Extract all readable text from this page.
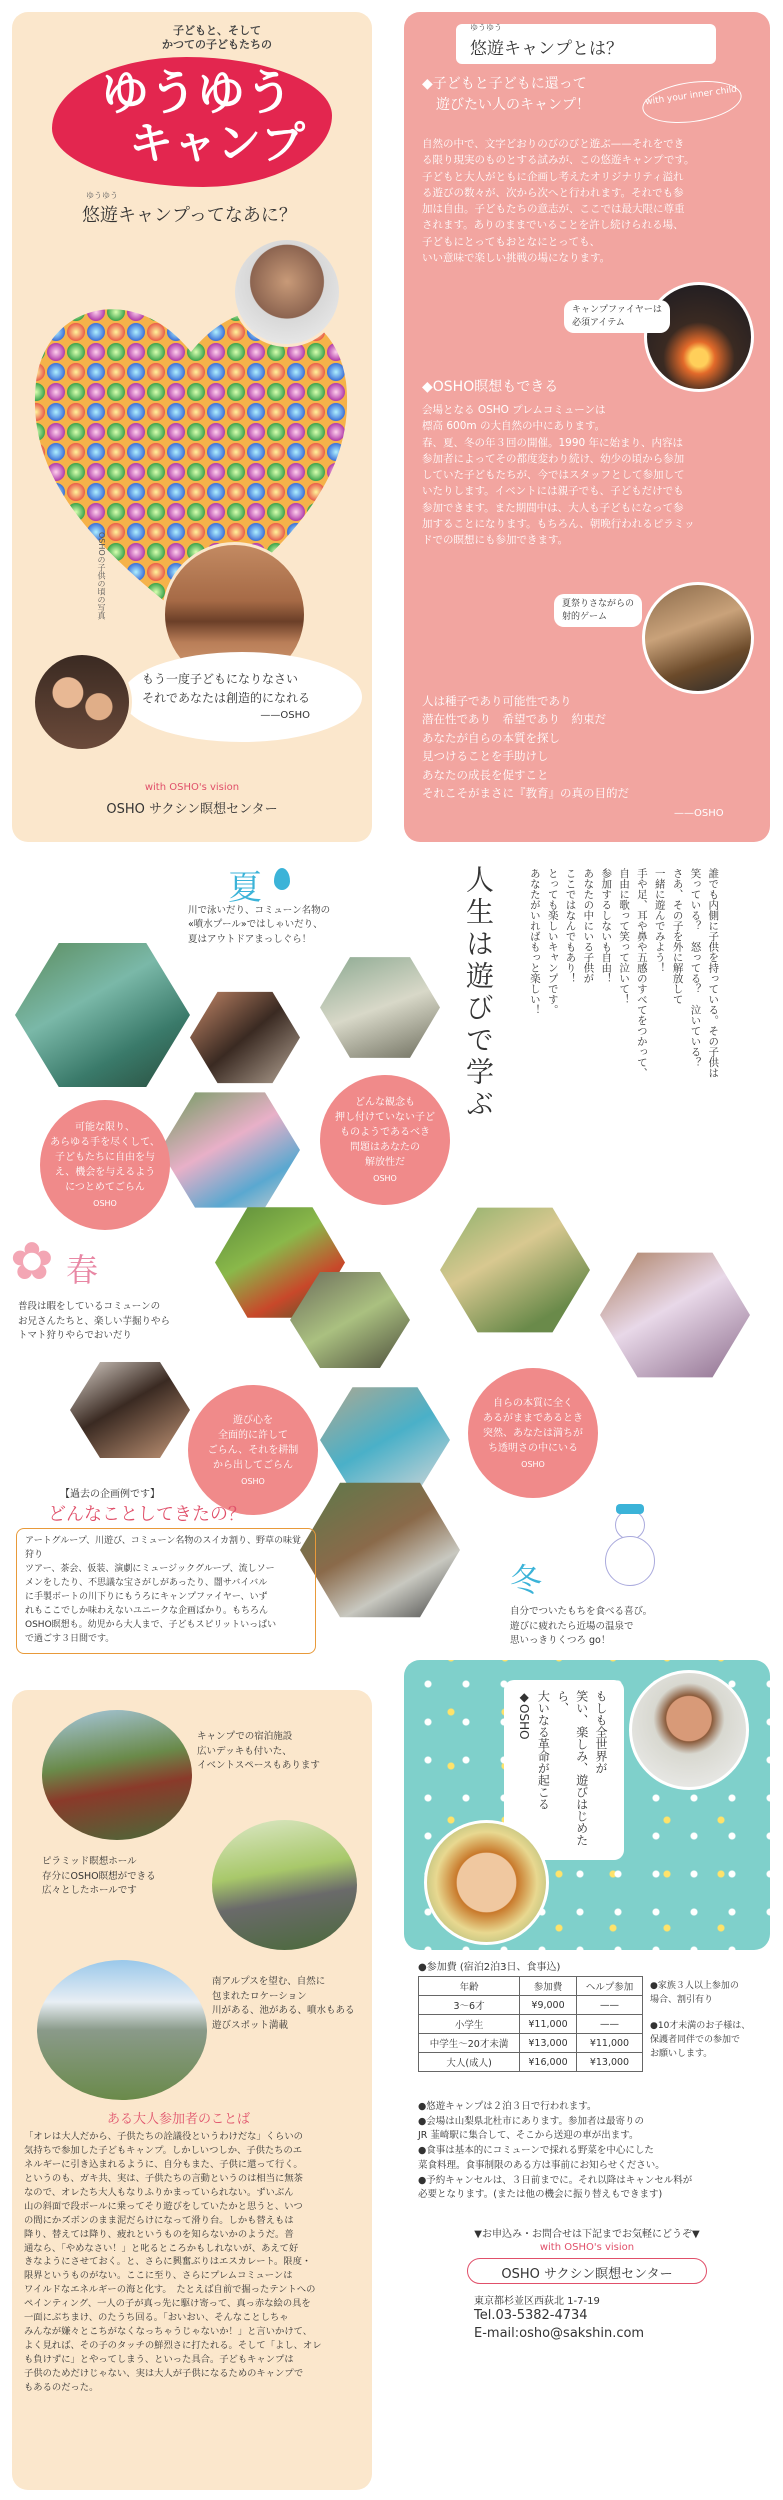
子どもと、そして
かつての子どもたちの
ゆうゆう
キャンプ
ゆうゆう
悠遊キャンプってなあに？
OSHOの子供の頃の写真
もう一度子どもになりなさい
それであなたは創造的になれる
——OSHO
with OSHO's vision
OSHO サクシン瞑想センター
ゆうゆう
悠遊キャンプとは？
◆子どもと子どもに還って
遊びたい人のキャンプ！	with your inner child
自然の中で、文字どおりのびのびと遊ぶ——それをでき
る限り現実のものとする試みが、この悠遊キャンプです。
子どもと大人がともに企画し考えたオリジナリティ溢れ
る遊びの数々が、次から次へと行われます。それでも参
加は自由。子どもたちの意志が、ここでは最大限に尊重
されます。ありのままでいることを許し続けられる場、
子どもにとってもおとなにとっても、
いい意味で楽しい挑戦の場になります。
キャンプファイヤーは
必須アイテム
◆OSHO瞑想もできる
会場となる OSHO プレムコミューンは
標高 600m の大自然の中にあります。
春、夏、冬の年３回の開催。1990 年に始まり、内容は
参加者によってその都度変わり続け、幼少の頃から参加
していた子どもたちが、今ではスタッフとして参加して
いたりします。イベントには親子でも、子どもだけでも
参加できます。また期間中は、大人も子どもになって参
加することになります。もちろん、朝晩行われるピラミッ
ドでの瞑想にも参加できます。
夏祭りさながらの
射的ゲーム
人は種子であり可能性であり
潜在性であり　希望であり　約束だ
あなたが自らの本質を探し
見つけることを手助けし
あなたの成長を促すこと
それこそがまさに『教育』の真の目的だ
——OSHO
夏
川で泳いだり、コミューン名物の
«噴水プール»ではしゃいだり、
夏はアウトドアまっしぐら！
可能な限り、
あらゆる手を尽くして、
子どもたちに自由を与
え、機会を与えるよう
につとめてごらん
OSHO
どんな観念も
押し付けていない子ど
ものようであるべき
問題はあなたの
解放性だ
OSHO
✿ 春
普段は暇をしているコミューンの
お兄さんたちと、楽しい芋掘りやら
トマト狩りやらでおいだり
遊び心を
全面的に許して
ごらん、それを耕制
から出してごらん
OSHO
自らの本質に全く
あるがままであるとき
突然、あなたは満ちが
ち透明さの中にいる
OSHO
人生は遊びで学ぶ	誰でも内側に子供を持っている。その子供は
笑っている？　怒ってる？　泣いている？
さあ、その子を外に解放して
一緒に遊んでみよう！
手や足、耳や鼻や五感のすべてをつかって、
自由に歌って笑って泣いて！
参加するしないも自由！
あなたの中にいる子供が
ここではなんでもあり！
とっても楽しいキャンプです。
あなたがいればもっと楽しい！
【過去の企画例です】
どんなことしてきたの？
アートグループ、川遊び、コミューン名物のスイカ割り、野草の味覚狩り
ツアー、茶会、仮装、演劇にミュージックグループ、流しソー
メンをしたり、不思議な宝さがしがあったり、闇サバイバル
に手製ボートの川下りにもうろにキャンプファイヤー、いず
れもここでしか味わえないユニークな企画ばかり。もちろん
OSHO瞑想も。幼児から大人まで、子どもスピリットいっぱい
で過ごす３日間です。
冬
自分でついたもちを食べる喜び。
遊びに疲れたら近場の温泉で
思いっきりくつろ go！
キャンプでの宿泊施設
広いデッキも付いた、
イベントスペースもあります
ピラミッド瞑想ホール
存分にOSHO瞑想ができる
広々としたホールです
南アルプスを望む、自然に
包まれたロケーション
川がある、池がある、噴水もある
遊びスポット満載
ある大人参加者のことば
「オレは大人だから、子供たちの詮議役というわけだな」くらいの
気持ちで参加した子どもキャンプ。しかしいつしか、子供たちのエ
ネルギーに引き込まれるように、自分もまた、子供に還って行く。
というのも、ガキ共、実は、子供たちの言動というのは相当に無茶
なので、オレたち大人もなりふりかまっていられない。ずいぶん
山の斜面で段ボールに乗ってそり遊びをしていたかと思うと、いつ
の間にかズボンのまま泥だらけになって滑り台。しかも替えもは
降り、替えては降り、疲れというものを知らないかのようだ。普
通なら、「やめなさい！」と叱るところかもしれないが、あえて好
きなようにさせておく。と、さらに興奮ぶりはエスカレート。限度・
限界というものがない。ここに至り、さらにプレムコミューンは
ワイルドなエネルギーの海と化す。　たとえば自前で掘ったテントへの
ペインティング、一人の子が真っ先に駆け寄って、真っ赤な絵の具を
一面にぶちまけ、のたうち回る。「おいおい、そんなことしちゃ
みんなが嫌々とこちがなくなっちゃうじゃないか！」と言いかけて、
よく見れば、その子のタッチの鮮烈さに打たれる。そして「よし、オレ
も負けずに」とやってしまう、といった具合。子どもキャンプは
子供のためだけじゃない、実は大人が子供になるためのキャンプで
もあるのだった。
もしも全世界が
笑い、楽しみ、遊びはじめたら、
大いなる革命が起こる
◆OSHO
●参加費 (宿泊2泊3日、食事込)
年齢	参加費	ヘルプ参加
3〜6才	¥9,000	——
小学生	¥11,000	——
中学生〜20才未満	¥13,000	¥11,000
大人(成人)	¥16,000	¥13,000
●家族３人以上参加の
場合、割引有り
●10才未満のお子様は、
保護者同伴での参加で
お願いします。
●悠遊キャンプは２泊３日で行われます。
●会場は山梨県北杜市にあります。参加者は最寄りの
JR 韮崎駅に集合して、そこから送迎の車が出ます。
●食事は基本的にコミューンで採れる野菜を中心にした
菜食料理。食事制限のある方は事前にお知らせください。
●予約キャンセルは、３日前までに。それ以降はキャンセル料が
必要となります。(または他の機会に振り替えもできます)
▼お申込み・お問合せは下記までお気軽にどうぞ▼
with OSHO's vision
OSHO サクシン瞑想センター
東京都杉並区西荻北 1-7-19
Tel.03-5382-4734
E-mail:osho@sakshin.com
